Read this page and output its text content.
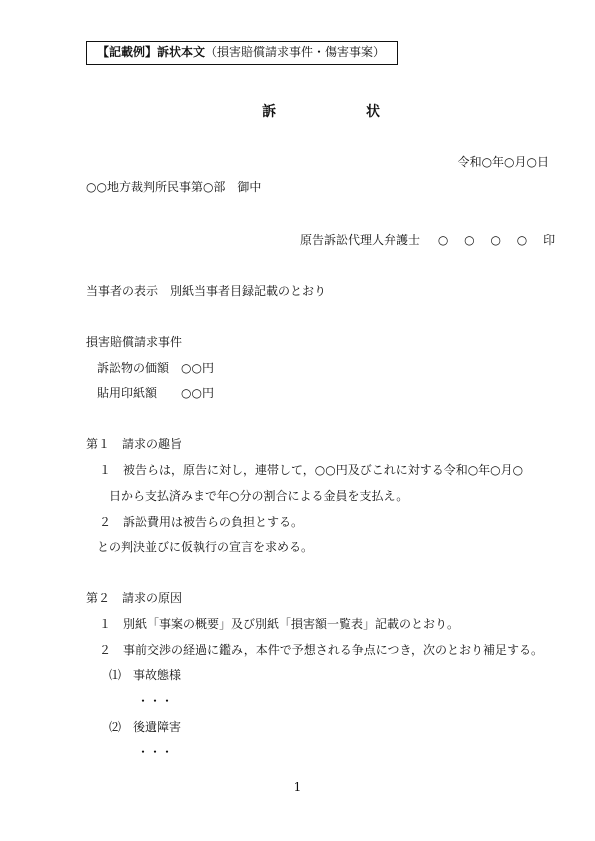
【記載例】訴状本文（損害賠償請求事件・傷害事案）
訴	状
令和○年○月○日
○○地方裁判所民事第○部　御中
原告訴訟代理人弁護士 ○ ○ ○ ○ 印
当事者の表示　別紙当事者目録記載のとおり
損害賠償請求事件
訴訟物の価額　○○円
貼用印紙額　　○○円
第１　請求の趣旨
１　被告らは，原告に対し，連帯して，○○円及びこれに対する令和○年○月○
日から支払済みまで年○分の割合による金員を支払え。
２　訴訟費用は被告らの負担とする。
との判決並びに仮執行の宣言を求める。
第２　請求の原因
１　別紙「事案の概要」及び別紙「損害額一覧表」記載のとおり。
２　事前交渉の経過に鑑み，本件で予想される争点につき，次のとおり補足する。
⑴　事故態様
・・・
⑵　後遺障害
・・・
1
